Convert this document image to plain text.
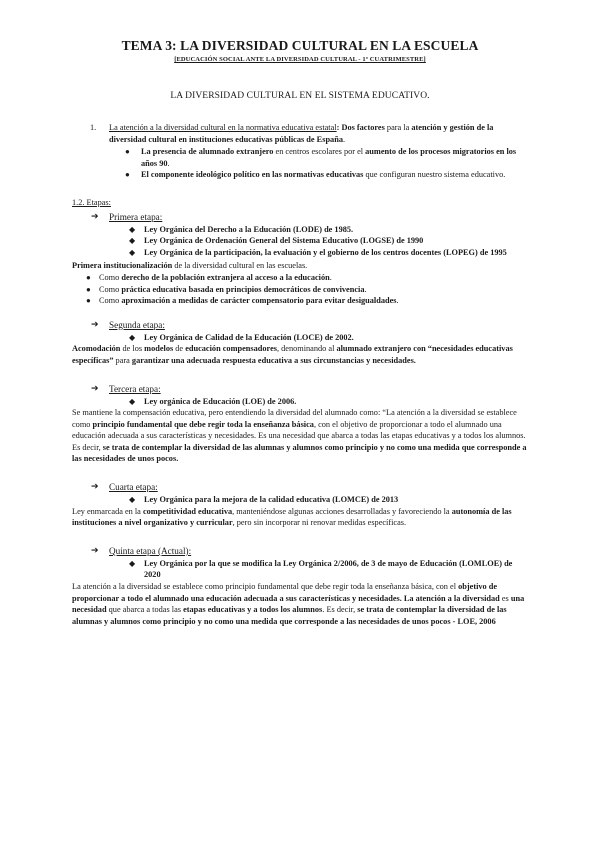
TEMA 3: LA DIVERSIDAD CULTURAL EN LA ESCUELA
[EDUCACIÓN SOCIAL ANTE LA DIVERSIDAD CULTURAL - 1º CUATRIMESTRE]
LA DIVERSIDAD CULTURAL EN EL SISTEMA EDUCATIVO.
1.	La atención a la diversidad cultural en la normativa educativa estatal: Dos factores para la atención y gestión de la diversidad cultural en instituciones educativas públicas de España.

● La presencia de alumnado extranjero en centros escolares por el aumento de los procesos migratorios en los años 90.
● El componente ideológico político en las normativas educativas que configuran nuestro sistema educativo.

1.2. Etapas:

➔	Primera etapa:
◆ Ley Orgánica del Derecho a la Educación (LODE) de 1985.
◆ Ley Orgánica de Ordenación General del Sistema Educativo (LOGSE) de 1990
◆ Ley Orgánica de la participación, la evaluación y el gobierno de los centros docentes (LOPEG) de 1995

Primera institucionalización de la diversidad cultural en las escuelas.

● Como derecho de la población extranjera al acceso a la educación.
● Como práctica educativa basada en principios democráticos de convivencia.
● Como aproximación a medidas de carácter compensatorio para evitar desigualdades.
➔	Segunda etapa:
◆ Ley Orgánica de Calidad de la Educación (LOCE) de 2002.

Acomodación de los modelos de educación compensadores, denominando al alumnado extranjero con “necesidades educativas específicas” para garantizar una adecuada respuesta educativa a sus circunstancias y necesidades.

➔	Tercera etapa:
◆ Ley orgánica de Educación (LOE) de 2006.

Se mantiene la compensación educativa, pero entendiendo la diversidad del alumnado como: “La atención a la diversidad se establece como principio fundamental que debe regir toda la enseñanza básica, con el objetivo de proporcionar a todo el alumnado una educación adecuada a sus características y necesidades. Es una necesidad que abarca a todas las etapas educativas y a todos los alumnos. Es decir, se trata de contemplar la diversidad de las alumnas y alumnos como principio y no como una medida que corresponde a las necesidades de unos pocos.

➔	Cuarta etapa:
◆ Ley Orgánica para la mejora de la calidad educativa (LOMCE) de 2013

Ley enmarcada en la competitividad educativa, manteniéndose algunas acciones desarrolladas y favoreciendo la autonomía de las instituciones a nivel organizativo y curricular, pero sin incorporar ni renovar medidas específicas.

➔	Quinta etapa (Actual):
◆ Ley Orgánica por la que se modifica la Ley Orgánica 2/2006, de 3 de mayo de Educación (LOMLOE) de 2020

La atención a la diversidad se establece como principio fundamental que debe regir toda la enseñanza básica, con el objetivo de proporcionar a todo el alumnado una educación adecuada a sus características y necesidades. La atención a la diversidad es una necesidad que abarca a todas las etapas educativas y a todos los alumnos. Es decir, se trata de contemplar la diversidad de las alumnas y alumnos como principio y no como una medida que corresponde a las necesidades de unos pocos - LOE, 2006
